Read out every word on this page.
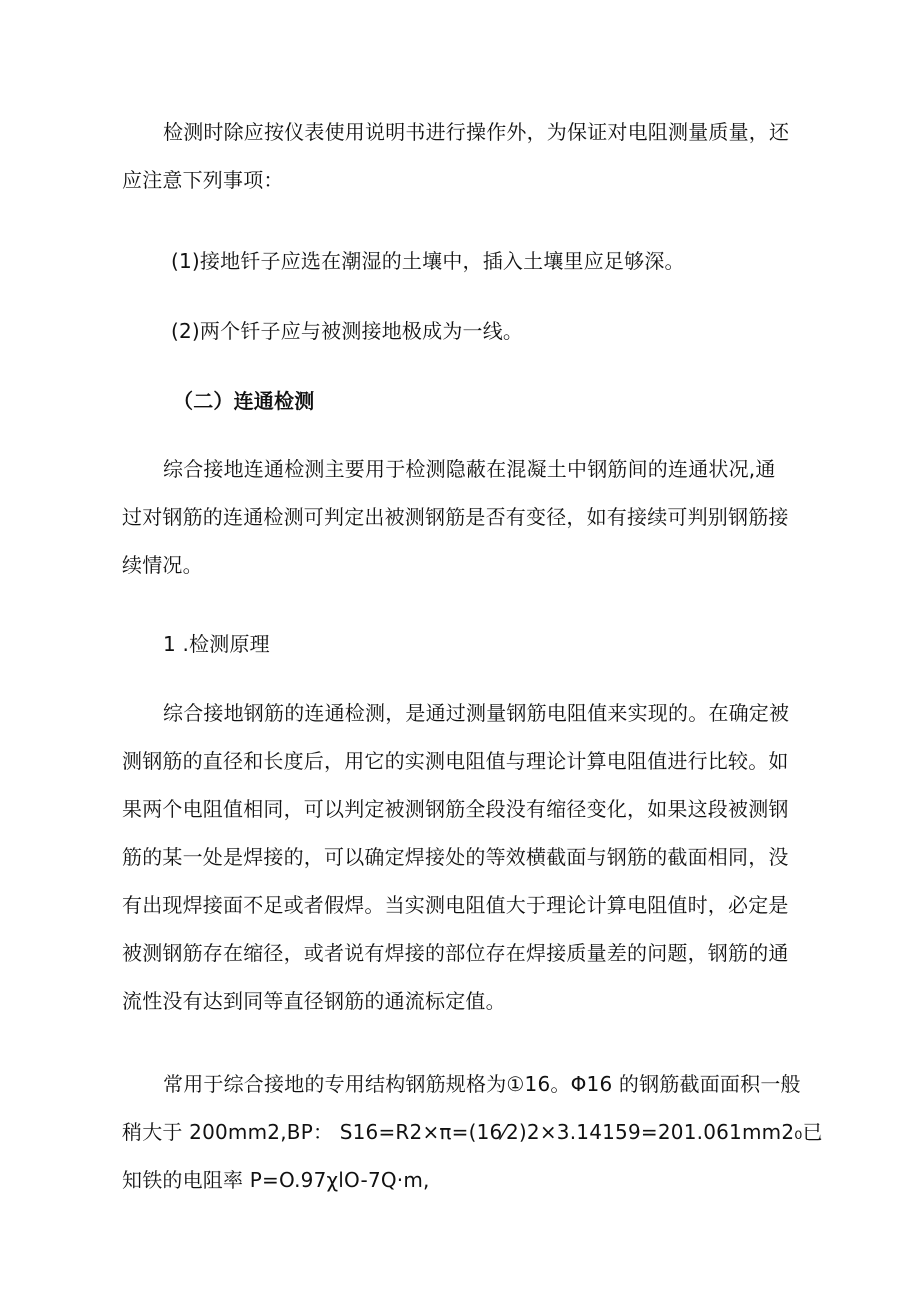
检测时除应按仪表使用说明书进行操作外，为保证对电阻测量质量，还
应注意下列事项：
(1)接地钎子应选在潮湿的土壤中，插入土壤里应足够深。
(2)两个钎子应与被测接地极成为一线。
（二）连通检测
综合接地连通检测主要用于检测隐蔽在混凝土中钢筋间的连通状况,通
过对钢筋的连通检测可判定出被测钢筋是否有变径，如有接续可判别钢筋接
续情况。
1 .检测原理
综合接地钢筋的连通检测，是通过测量钢筋电阻值来实现的。在确定被
测钢筋的直径和长度后，用它的实测电阻值与理论计算电阻值进行比较。如
果两个电阻值相同，可以判定被测钢筋全段没有缩径变化，如果这段被测钢
筋的某一处是焊接的，可以确定焊接处的等效横截面与钢筋的截面相同，没
有出现焊接面不足或者假焊。当实测电阻值大于理论计算电阻值时，必定是
被测钢筋存在缩径，或者说有焊接的部位存在焊接质量差的问题，钢筋的通
流性没有达到同等直径钢筋的通流标定值。
常用于综合接地的专用结构钢筋规格为①16。Φ16 的钢筋截面面积一般
稍大于 200mm2,BP： S16=R2×π=(16⁄2)2×3.14159=201.061mm2₀已
知铁的电阻率 P=O.97χlO-7Q·m,
